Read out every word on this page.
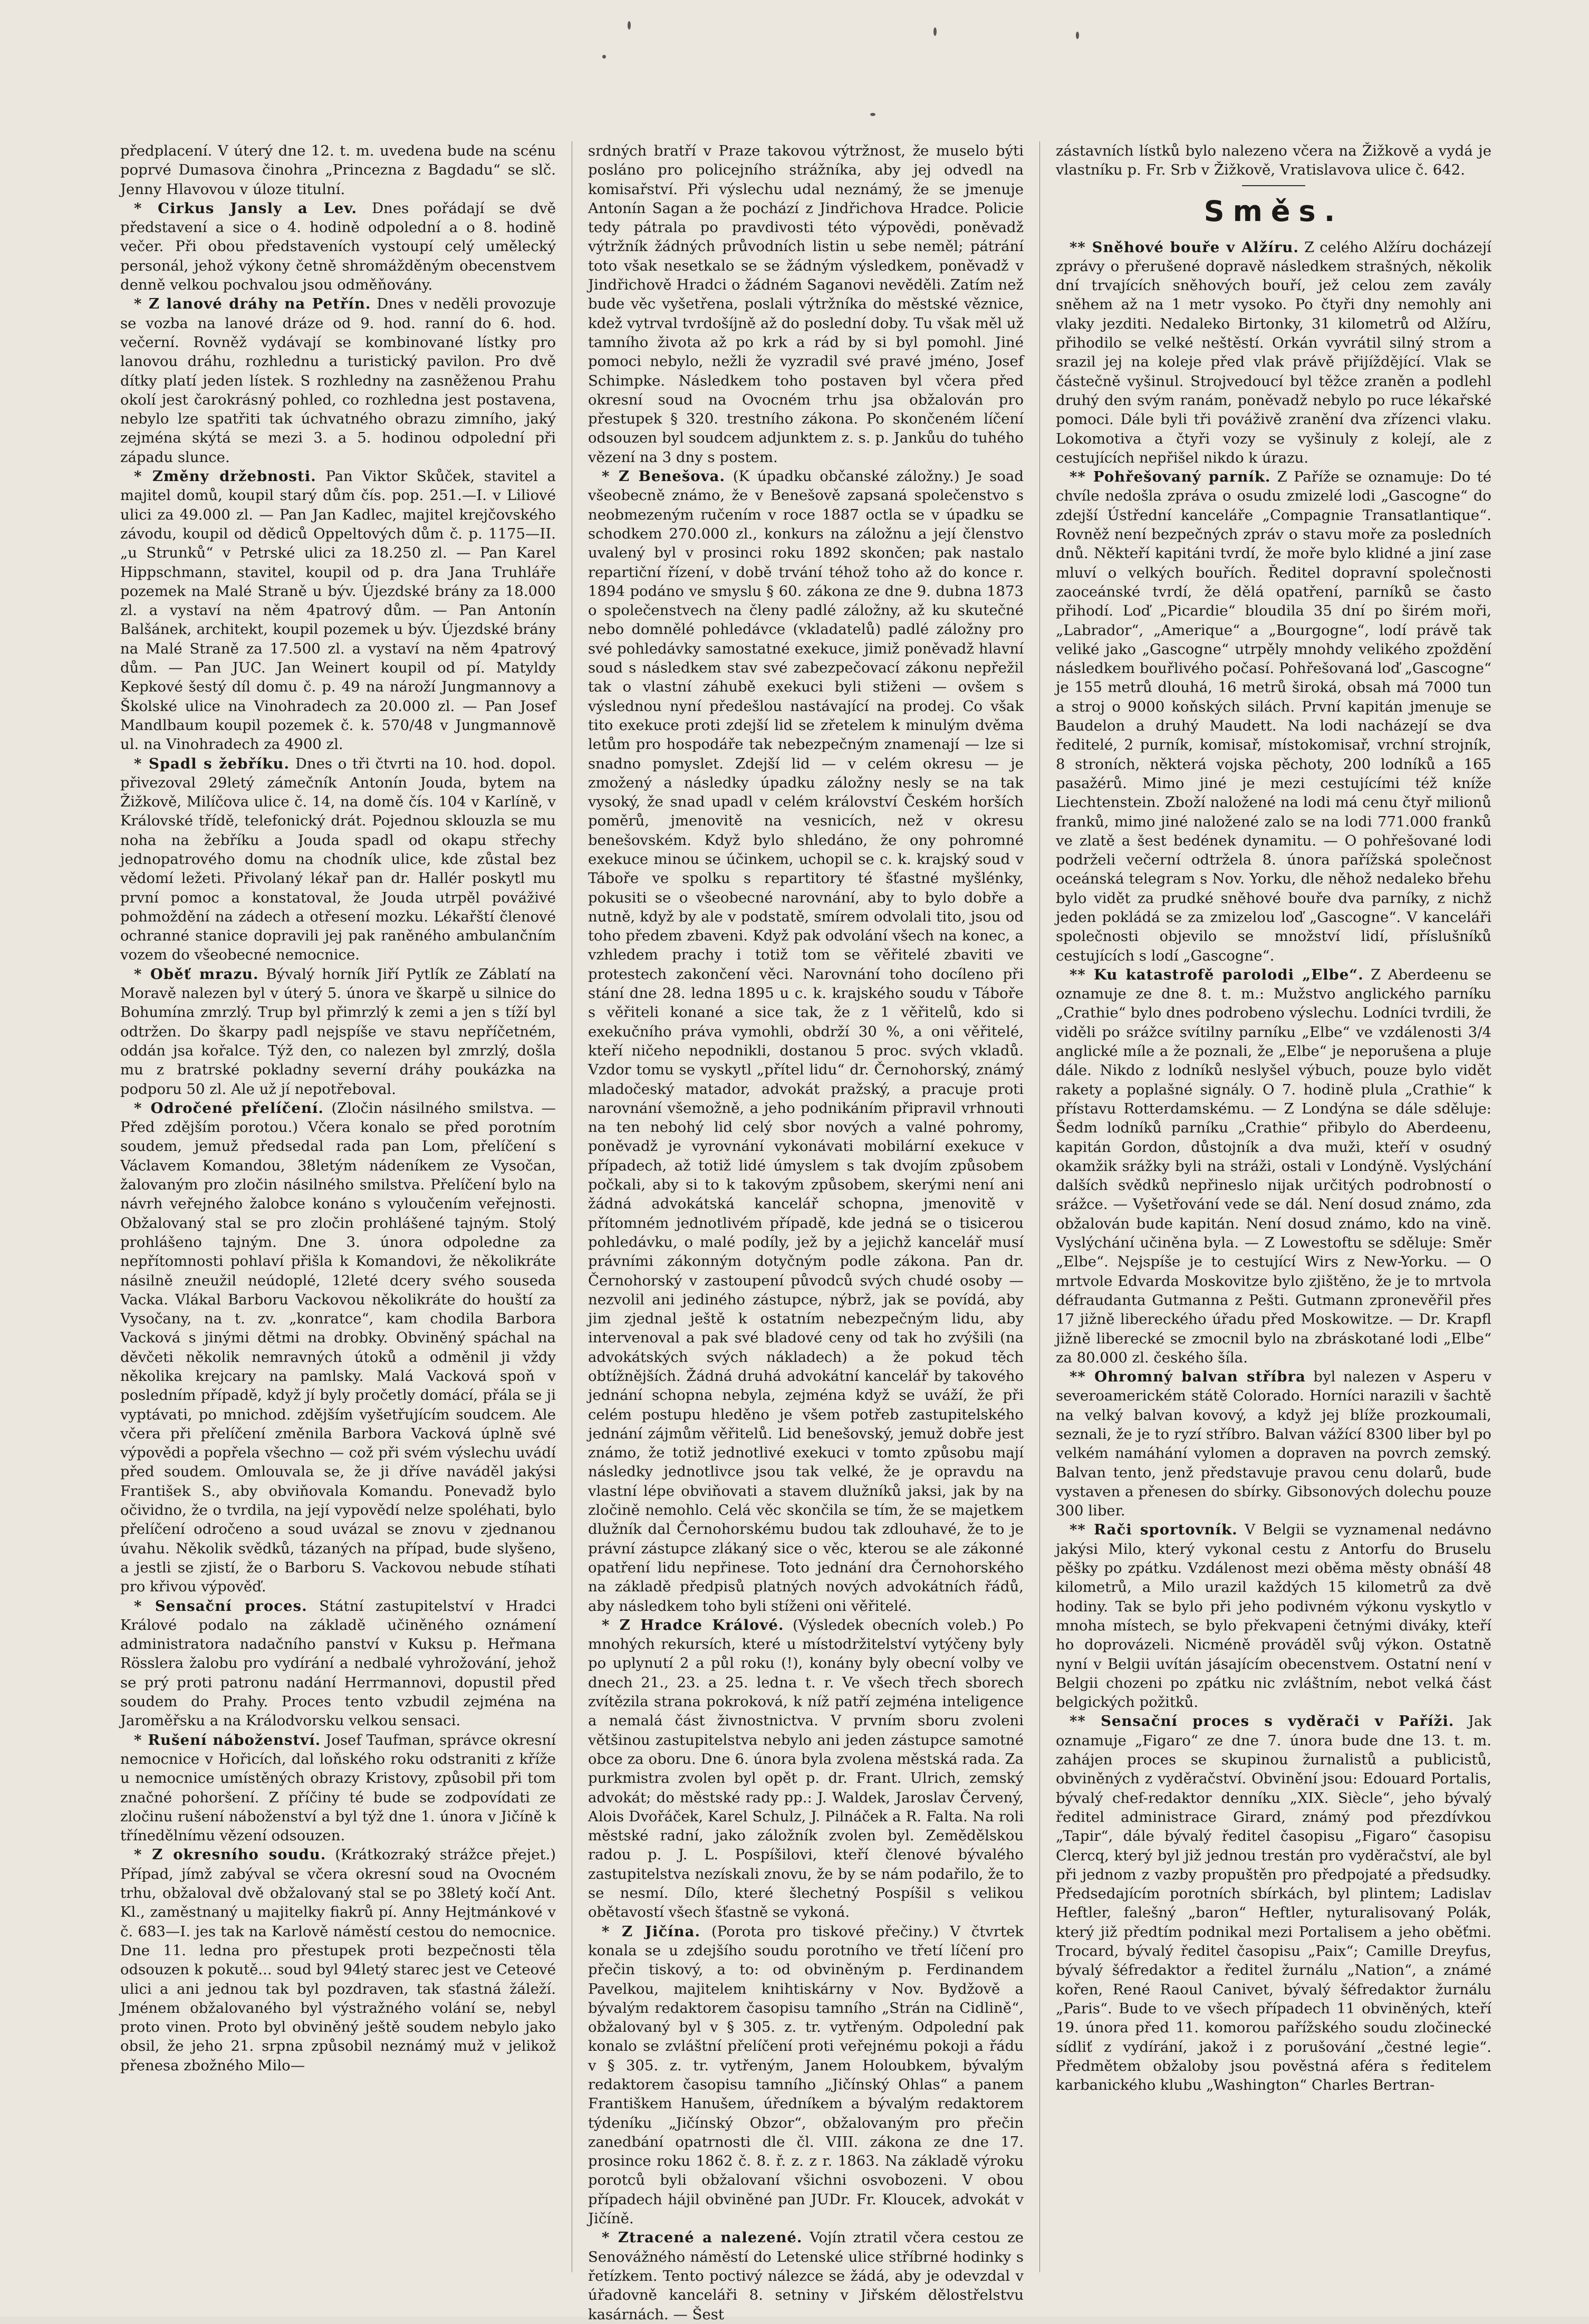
předplacení. V úterý dne 12. t. m. uvedena bude na scénu poprvé Dumasova činohra „Princezna z Bagdadu“ se slč. Jenny Hlavovou v úloze titulní.

* Cirkus Jansly a Lev. Dnes pořádají se dvě představení a sice o 4. hodině odpolední a o 8. hodině večer. Při obou představeních vystoupí celý umělecký personál, jehož výkony četně shromážděným obecenstvem denně velkou pochvalou jsou odměňovány.

* Z lanové dráhy na Petřín. Dnes v neděli provozuje se vozba na lanové dráze od 9. hod. ranní do 6. hod. večerní. Rovněž vydávají se kombinované lístky pro lanovou dráhu, rozhlednu a turistický pavilon. Pro dvě dítky platí jeden lístek. S rozhledny na zasněženou Prahu okolí jest čarokrásný pohled, co rozhledna jest postavena, nebylo lze spatřiti tak úchvatného obrazu zimního, jaký zejména skýtá se mezi 3. a 5. hodinou odpolední při západu slunce.

* Změny držebnosti. Pan Viktor Skůček, stavitel a majitel domů, koupil starý dům čís. pop. 251.—I. v Liliové ulici za 49.000 zl. — Pan Jan Kadlec, majitel krejčovského závodu, koupil od dědiců Oppeltových dům č. p. 1175—II. „u Strunků“ v Petrské ulici za 18.250 zl. — Pan Karel Hippschmann, stavitel, koupil od p. dra Jana Truhláře pozemek na Malé Straně u býv. Újezdské brány za 18.000 zl. a vystaví na něm 4patrový dům. — Pan Antonín Balšánek, architekt, koupil pozemek u býv. Újezdské brány na Malé Straně za 17.500 zl. a vystaví na něm 4patrový dům. — Pan JUC. Jan Weinert koupil od pí. Matyldy Kepkové šestý díl domu č. p. 49 na nároží Jungmannovy a Školské ulice na Vinohradech za 20.000 zl. — Pan Josef Mandlbaum koupil pozemek č. k. 570/48 v Jungmannově ul. na Vinohradech za 4900 zl.

* Spadl s žebříku. Dnes o tři čtvrti na 10. hod. dopol. přivezoval 29letý zámečník Antonín Jouda, bytem na Žižkově, Milíčova ulice č. 14, na domě čís. 104 v Karlíně, v Královské třídě, telefonický drát. Pojednou sklouzla se mu noha na žebříku a Jouda spadl od okapu střechy jednopatrového domu na chodník ulice, kde zůstal bez vědomí ležeti. Přivolaný lékař pan dr. Hallér poskytl mu první pomoc a konstatoval, že Jouda utrpěl pováživé pohmoždění na zádech a otřesení mozku. Lékařští členové ochranné stanice dopravili jej pak raněného ambulančním vozem do všeobecné nemocnice.

* Oběť mrazu. Bývalý horník Jiří Pytlík ze Záblatí na Moravě nalezen byl v úterý 5. února ve škarpě u silnice do Bohumína zmrzlý. Trup byl přimrzlý k zemi a jen s tíží byl odtržen. Do škarpy padl nejspíše ve stavu nepříčetném, oddán jsa kořalce. Týž den, co nalezen byl zmrzlý, došla mu z bratrské pokladny severní dráhy poukázka na podporu 50 zl. Ale už jí nepotřeboval.

* Odročené přelíčení. (Zločin násilného smilstva. — Před zdějším porotou.) Včera konalo se před porotním soudem, jemuž předsedal rada pan Lom, přelíčení s Václavem Komandou, 38letým nádeníkem ze Vysočan, žalovaným pro zločin násilného smilstva. Přelíčení bylo na návrh veřejného žalobce konáno s vyloučením veřejnosti. Obžalovaný stal se pro zločin prohlášené tajným. Stolý prohlášeno tajným. Dne 3. února odpoledne za nepřítomnosti pohlaví přišla k Komandovi, že několikráte násilně zneužil neúdoplé, 12leté dcery svého souseda Vacka. Vlákal Barboru Vackovou několikráte do houští za Vysočany, na t. zv. „konratce“, kam chodila Barbora Vacková s jinými dětmi na drobky. Obviněný spáchal na děvčeti několik nemravných útoků a odměnil ji vždy několika krejcary na pamlsky. Malá Vacková spoň v posledním případě, když jí byly pročetly domácí, přála se ji vyptávati, po mnichod. zdějším vyšetřujícím soudcem. Ale včera při přelíčení změnila Barbora Vacková úplně své výpovědi a popřela všechno — což při svém výslechu uvádí před soudem. Omlouvala se, že ji dříve naváděl jakýsi František S., aby obviňovala Komandu. Ponevadž bylo očividno, že o tvrdila, na její vypovědí nelze spoléhati, bylo přelíčení odročeno a soud uvázal se znovu v zjednanou úvahu. Několik svědků, tázaných na případ, bude slyšeno, a jestli se zjistí, že o Barboru S. Vackovou nebude stíhati pro křivou výpověď.

* Sensační proces. Státní zastupitelství v Hradci Králové podalo na základě učiněného oznámení administratora nadačního panství v Kuksu p. Heřmana Rösslera žalobu pro vydírání a nedbalé vyhrožování, jehož se prý proti patronu nadání Herrmannovi, dopustil před soudem do Prahy. Proces tento vzbudil zejména na Jaroměřsku a na Králodvorsku velkou sensaci.

* Rušení náboženství. Josef Taufman, správce okresní nemocnice v Hořicích, dal loňského roku odstraniti z kříže u nemocnice umístěných obrazy Kristovy, způsobil při tom značné pohoršení. Z příčiny té bude se zodpovídati ze zločinu rušení náboženství a byl týž dne 1. února v Jičíně k třínedělnímu vězení odsouzen.

* Z okresního soudu. (Krátkozraký strážce přejet.) Případ, jímž zabýval se včera okresní soud na Ovocném trhu, obžaloval dvě obžalovaný stal se po 38letý kočí Ant. Kl., zaměstnaný u majitelky fiakrů pí. Anny Hejtmánkové v č. 683—I. jes tak na Karlově náměstí cestou do nemocnice. Dne 11. ledna pro přestupek proti bezpečnosti těla odsouzen k pokutě... soud byl 94letý starec jest ve Ceteové ulici a ani jednou tak byl pozdraven, tak sťastná žáleží. Jménem obžalovaného byl výstražného volání se, nebyl proto vinen. Proto byl obviněný ještě soudem nebylo jako obsil, že jeho 21. srpna způsobil neznámý muž v jelikož přenesa zbožného Milo—

srdných bratří v Praze takovou výtržnost, že muselo býti posláno pro policejního strážníka, aby jej odvedl na komisařství. Při výslechu udal neznámý, že se jmenuje Antonín Sagan a že pochází z Jindřichova Hradce. Policie tedy pátrala po pravdivosti této výpovědi, poněvadž výtržník žádných průvodních listin u sebe neměl; pátrání toto však nesetkalo se se žádným výsledkem, poněvadž v Jindřichově Hradci o žádném Saganovi nevěděli. Zatím než bude věc vyšetřena, poslali výtržníka do městské věznice, kdež vytrval tvrdošíjně až do poslední doby. Tu však měl už tamního života až po krk a rád by si byl pomohl. Jiné pomoci nebylo, nežli že vyzradil své pravé jméno, Josef Schimpke. Následkem toho postaven byl včera před okresní soud na Ovocném trhu jsa obžalován pro přestupek § 320. trestního zákona. Po skončeném líčení odsouzen byl soudcem adjunktem z. s. p. Jankůu do tuhého vězení na 3 dny s postem.

* Z Benešova. (K úpadku občanské záložny.) Je soad všeobecně známo, že v Benešově zapsaná společenstvo s neobmezeným ručením v roce 1887 octla se v úpadku se schodkem 270.000 zl., konkurs na záložnu a její členstvo uvalený byl v prosinci roku 1892 skončen; pak nastalo repartiční řízení, v době trvání téhož toho až do konce r. 1894 podáno ve smyslu § 60. zákona ze dne 9. dubna 1873 o společenstvech na členy padlé záložny, až ku skutečné nebo domnělé pohledávce (vkladatelů) padlé záložny pro své pohledávky samostatné exekuce, jimiž poněvadž hlavní soud s následkem stav své zabezpečovací zákonu nepřežil tak o vlastní záhubě exekuci byli stiženi — ovšem s výslednou nyní předešlou nastávající na prodej. Co však tito exekuce proti zdejší lid se zřetelem k minulým dvěma letům pro hospodáře tak nebezpečným znamenají — lze si snadno pomyslet. Zdejší lid — v celém okresu — je zmožený a následky úpadku záložny nesly se na tak vysoký, že snad upadl v celém království Českém horších poměrů, jmenovitě na vesnicích, než v okresu benešovském. Když bylo shledáno, že ony pohromné exekuce minou se účinkem, uchopil se c. k. krajský soud v Táboře ve spolku s repartitory té šťastné myšlénky, pokusiti se o všeobecné narovnání, aby to bylo dobře a nutně, když by ale v podstatě, smírem odvolali tito, jsou od toho předem zbaveni. Když pak odvolání všech na konec, a vzhledem prachy i totiž tom se věřitelé zbaviti ve protestech zakončení věci. Narovnání toho docíleno při stání dne 28. ledna 1895 u c. k. krajského soudu v Táboře s věřiteli konané a sice tak, že z 1 věřitelů, kdo si exekučního práva vymohli, obdrží 30 %, a oni věřitelé, kteří ničeho nepodnikli, dostanou 5 proc. svých vkladů. Vzdor tomu se vyskytl „přítel lidu“ dr. Černohorský, známý mladočeský matador, advokát pražský, a pracuje proti narovnání všemožně, a jeho podnikáním připravil vrhnouti na ten nebohý lid celý sbor nových a valné pohromy, poněvadž je vyrovnání vykonávati mobilární exekuce v případech, až totiž lidé úmyslem s tak dvojím způsobem počkali, aby si to k takovým způsobem, skerými není ani žádná advokátská kancelář schopna, jmenovitě v přítomném jednotlivém případě, kde jedná se o tisicerou pohledávku, o malé podíly, jež by a jejichž kancelář musí právními zákonným dotyčným podle zákona. Pan dr. Černohorský v zastoupení původců svých chudé osoby — nezvolil ani jediného zástupce, nýbrž, jak se povídá, aby jim zjednal ještě k ostatním nebezpečným lidu, aby intervenoval a pak své bladové ceny od tak ho zvýšili (na advokátských svých nákladech) a že pokud těch obtížnějších. Žádná druhá advokátní kancelář by takového jednání schopna nebyla, zejména když se uváží, že při celém postupu hleděno je všem potřeb zastupitelského jednání zájmům věřitelů. Lid benešovský, jemuž dobře jest známo, že totiž jednotlivé exekuci v tomto způsobu mají následky jednotlivce jsou tak velké, že je opravdu na vlastní lépe obviňovati a stavem dlužníků jaksi, jak by na zločině nemohlo. Celá věc skončila se tím, že se majetkem dlužník dal Černohorskému budou tak zdlouhavé, že to je právní zástupce zlákaný sice o věc, kterou se ale zákonné opatření lidu nepřinese. Toto jednání dra Černohorského na základě předpisů platných nových advokátních řádů, aby následkem toho byli stíženi oni věřitelé.

* Z Hradce Králové. (Výsledek obecních voleb.) Po mnohých rekursích, které u místodržitelství vytýčeny byly po uplynutí 2 a půl roku (!), konány byly obecní volby ve dnech 21., 23. a 25. ledna t. r. Ve všech třech sborech zvítězila strana pokroková, k níž patří zejména inteligence a nemalá část živnostnictva. V prvním sboru zvoleni většinou zastupitelstva nebylo ani jeden zástupce samotné obce za oboru. Dne 6. února byla zvolena městská rada. Za purkmistra zvolen byl opět p. dr. Frant. Ulrich, zemský advokát; do městské rady pp.: J. Waldek, Jaroslav Červený, Alois Dvořáček, Karel Schulz, J. Pilnáček a R. Falta. Na roli městské radní, jako záložník zvolen byl. Zemědělskou radou p. J. L. Pospíšilovi, kteří členové bývalého zastupitelstva nezískali znovu, že by se nám podařilo, že to se nesmí. Dílo, které šlechetný Pospíšil s velikou obětavostí všech šťastně se vykoná.

* Z Jičína. (Porota pro tiskové přečiny.) V čtvrtek konala se u zdejšího soudu porotního ve třetí líčení pro přečin tiskový, a to: od obviněným p. Ferdinandem Pavelkou, majitelem knihtiskárny v Nov. Bydžově a bývalým redaktorem časopisu tamního „Strán na Cidlině“, obžalovaný byl v § 305. z. tr. vytřeným. Odpolední pak konalo se zvláštní přelíčení proti veřejnému pokoji a řádu v § 305. z. tr. vytřeným, Janem Holoubkem, bývalým redaktorem časopisu tamního „Jičínský Ohlas“ a panem Františkem Hanušem, úředníkem a bývalým redaktorem týdeníku „Jičínský Obzor“, obžalovaným pro přečin zanedbání opatrnosti dle čl. VIII. zákona ze dne 17. prosince roku 1862 č. 8. ř. z. z r. 1863. Na základě výroku porotců byli obžalovaní všichni osvobozeni. V obou případech hájil obviněné pan JUDr. Fr. Kloucek, advokát v Jičíně.

* Ztracené a nalezené. Vojín ztratil včera cestou ze Senovážného náměstí do Letenské ulice stříbrné hodinky s řetízkem. Tento poctivý nálezce se žádá, aby je odevzdal v úřadovně kanceláři 8. setniny v Jiřském dělostřelstvu kasárnách. — Šest

zástavních lístků bylo nalezeno včera na Žižkově a vydá je vlastníku p. Fr. Srb v Žižkově, Vratislavova ulice č. 642.

Směs.

** Sněhové bouře v Alžíru. Z celého Alžíru docházejí zprávy o přerušené dopravě následkem strašných, několik dní trvajících sněhových bouří, jež celou zem zavály sněhem až na 1 metr vysoko. Po čtyři dny nemohly ani vlaky jezditi. Nedaleko Birtonky, 31 kilometrů od Alžíru, přihodilo se velké neštěstí. Orkán vyvrátil silný strom a srazil jej na koleje před vlak právě přijíždějící. Vlak se částečně vyšinul. Strojvedoucí byl těžce zraněn a podlehl druhý den svým ranám, poněvadž nebylo po ruce lékařské pomoci. Dále byli tři pováživě zranění dva zřízenci vlaku. Lokomotiva a čtyři vozy se vyšinuly z kolejí, ale z cestujících nepřišel nikdo k úrazu.

** Pohřešovaný parník. Z Paříže se oznamuje: Do té chvíle nedošla zpráva o osudu zmizelé lodi „Gascogne“ do zdejší Ústřední kanceláře „Compagnie Transatlantique“. Rovněž není bezpečných zpráv o stavu moře za posledních dnů. Někteří kapitáni tvrdí, že moře bylo klidné a jiní zase mluví o velkých bouřích. Ředitel dopravní společnosti zaoceánské tvrdí, že dělá opatření, parníků se často přihodí. Loď „Picardie“ bloudila 35 dní po širém moři, „Labrador“, „Amerique“ a „Bourgogne“, lodí právě tak veliké jako „Gascogne“ utrpěly mnohdy velikého zpoždění následkem bouřlivého počasí. Pohřešovaná loď „Gascogne“ je 155 metrů dlouhá, 16 metrů široká, obsah má 7000 tun a stroj o 9000 koňských silách. První kapitán jmenuje se Baudelon a druhý Maudett. Na lodi nacházejí se dva ředitelé, 2 purník, komisař, místokomisař, vrchní strojník, 8 stroních, některá vojska pěchoty, 200 lodníků a 165 pasažérů. Mimo jiné je mezi cestujícími též kníže Liechtenstein. Zboží naložené na lodi má cenu čtyř milionů franků, mimo jiné naložené zalo se na lodi 771.000 franků ve zlatě a šest bedének dynamitu. — O pohřešované lodi podrželi večerní odtržela 8. února pařížská společnost oceánská telegram s Nov. Yorku, dle něhož nedaleko břehu bylo vidět za prudké sněhové bouře dva parníky, z nichž jeden pokládá se za zmizelou loď „Gascogne“. V kanceláři společnosti objevilo se množství lidí, příslušníků cestujících s lodí „Gascogne“.

** Ku katastrofě parolodi „Elbe“. Z Aberdeenu se oznamuje ze dne 8. t. m.: Mužstvo anglického parníku „Crathie“ bylo dnes podrobeno výslechu. Lodníci tvrdili, že viděli po srážce svítilny parníku „Elbe“ ve vzdálenosti 3/4 anglické míle a že poznali, že „Elbe“ je neporušena a pluje dále. Nikdo z lodníků neslyšel výbuch, pouze bylo vidět rakety a poplašné signály. O 7. hodině plula „Crathie“ k přístavu Rotterdamskému. — Z Londýna se dále sděluje: Šedm lodníků parníku „Crathie“ přibylo do Aberdeenu, kapitán Gordon, důstojník a dva muži, kteří v osudný okamžik srážky byli na stráži, ostali v Londýně. Vyslýchání dalších svědků nepřineslo nijak určitých podrobností o srážce. — Vyšetřování vede se dál. Není dosud známo, zda obžalován bude kapitán. Není dosud známo, kdo na vině. Vyslýchání učiněna byla. — Z Lowestoftu se sděluje: Směr „Elbe“. Nejspíše je to cestující Wirs z New-Yorku. — O mrtvole Edvarda Moskovitze bylo zjištěno, že je to mrtvola défraudanta Gutmanna z Pešti. Gutmann zpronevěřil přes 17 jižně libereckého úřadu před Moskowitze. — Dr. Krapfl jižně liberecké se zmocnil bylo na zbráskotané lodi „Elbe“ za 80.000 zl. českého šíla.

** Ohromný balvan stříbra byl nalezen v Asperu v severoamerickém státě Colorado. Horníci narazili v šachtě na velký balvan kovový, a když jej blíže prozkoumali, seznali, že je to ryzí stříbro. Balvan vážící 8300 liber byl po velkém namáhání vylomen a dopraven na povrch zemský. Balvan tento, jenž představuje pravou cenu dolarů, bude vystaven a přenesen do sbírky. Gibsonových dolechu pouze 300 liber.

** Rači sportovník. V Belgii se vyznamenal nedávno jakýsi Milo, který vykonal cestu z Antorfu do Bruselu pěšky po zpátku. Vzdálenost mezi oběma městy obnáší 48 kilometrů, a Milo urazil každých 15 kilometrů za dvě hodiny. Tak se bylo při jeho podivném výkonu vyskytlo v mnoha místech, se bylo překvapeni četnými diváky, kteří ho doprovázeli. Nicméně prováděl svůj výkon. Ostatně nyní v Belgii uvítán jásajícím obecenstvem. Ostatní není v Belgii chozeni po zpátku nic zvláštním, nebot velká část belgických požitků.

** Sensační proces s vyděrači v Paříži. Jak oznamuje „Figaro“ ze dne 7. února bude dne 13. t. m. zahájen proces se skupinou žurnalistů a publicistů, obviněných z vyděračství. Obvinění jsou: Edouard Portalis, bývalý chef-redaktor denníku „XIX. Siècle“, jeho bývalý ředitel administrace Girard, známý pod přezdívkou „Tapir“, dále bývalý ředitel časopisu „Figaro“ časopisu Clercq, který byl již jednou trestán pro vyděračství, ale byl při jednom z vazby propuštěn pro předpojaté a předsudky. Předsedajícím porotních sbírkách, byl plintem; Ladislav Heftler, falešný „baron“ Heftler, nyturalisovaný Polák, který již předtím podnikal mezi Portalisem a jeho oběťmi. Trocard, bývalý ředitel časopisu „Paix“; Camille Dreyfus, bývalý šéfredaktor a ředitel žurnálu „Nation“, a známé kořen, René Raoul Canivet, bývalý šéfredaktor žurnálu „Paris“. Bude to ve všech případech 11 obviněných, kteří 19. února před 11. komorou pařížského soudu zločinecké sídliť z vydírání, jakož i z porušování „čestné legie“. Předmětem obžaloby jsou pověstná aféra s ředitelem karbanického klubu „Washington“ Charles Bertran-
